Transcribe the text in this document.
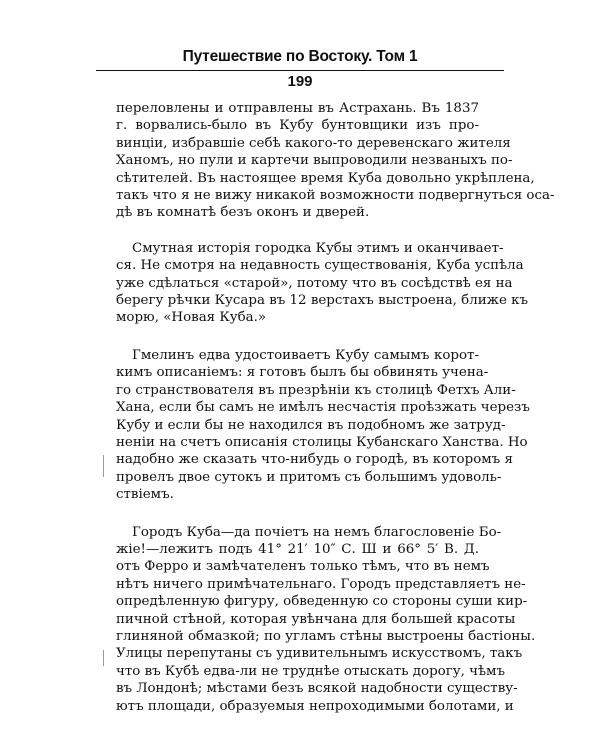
Путешествие по Востоку. Том 1
199
переловлены и отправлены въ Астрахань. Въ 1837
г. ворвались-было въ Кубу бунтовщики изъ про-
винціи, избравшіе себѣ какого-то деревенскаго жителя
Ханомъ, но пули и картечи выпроводили незваныхъ по-
сѣтителей. Въ настоящее время Куба довольно укрѣплена,
такъ что я не вижу никакой возможности подвергнуться оса-
дѣ въ комнатѣ безъ оконъ и дверей.
Смутная исторія городка Кубы этимъ и оканчивает-
ся. Не смотря на недавность существованія, Куба успѣла
уже сдѣлаться «старой», потому что въ сосѣдствѣ ея на
берегу рѣчки Кусара въ 12 верстахъ выстроена, ближе къ
морю, «Новая Куба.»
Гмелинъ едва удостоиваетъ Кубу самымъ корот-
кимъ описаніемъ: я готовъ былъ бы обвинять учена-
го странствователя въ презрѣніи къ столицѣ Фетхъ Али-
Хана, если бы самъ не имѣлъ несчастія проѣзжать черезъ
Кубу и если бы не находился въ подобномъ же затруд-
неніи на счетъ описанія столицы Кубанскаго Ханства. Но
надобно же сказать что-нибудь о городѣ, въ которомъ я
провелъ двое сутокъ и притомъ съ большимъ удоволь-
ствіемъ.
Городъ Куба—да почіетъ на немъ благословеніе Бо-
жіе!—лежитъ подъ 41° 21′ 10″ С. Ш и 66° 5′ В. Д.
отъ Ферро и замѣчателенъ только тѣмъ, что въ немъ
нѣтъ ничего примѣчательнаго. Городъ представляетъ не-
опредѣленную фигуру, обведенную со стороны суши кир-
пичной стѣной, которая увѣнчана для большей красоты
глиняной обмазкой; по угламъ стѣны выстроены бастіоны.
Улицы перепутаны съ удивительнымъ искусствомъ, такъ
что въ Кубѣ едва-ли не труднѣе отыскать дорогу, чѣмъ
въ Лондонѣ; мѣстами безъ всякой надобности существу-
ютъ площади, образуемыя непроходимыми болотами, и
